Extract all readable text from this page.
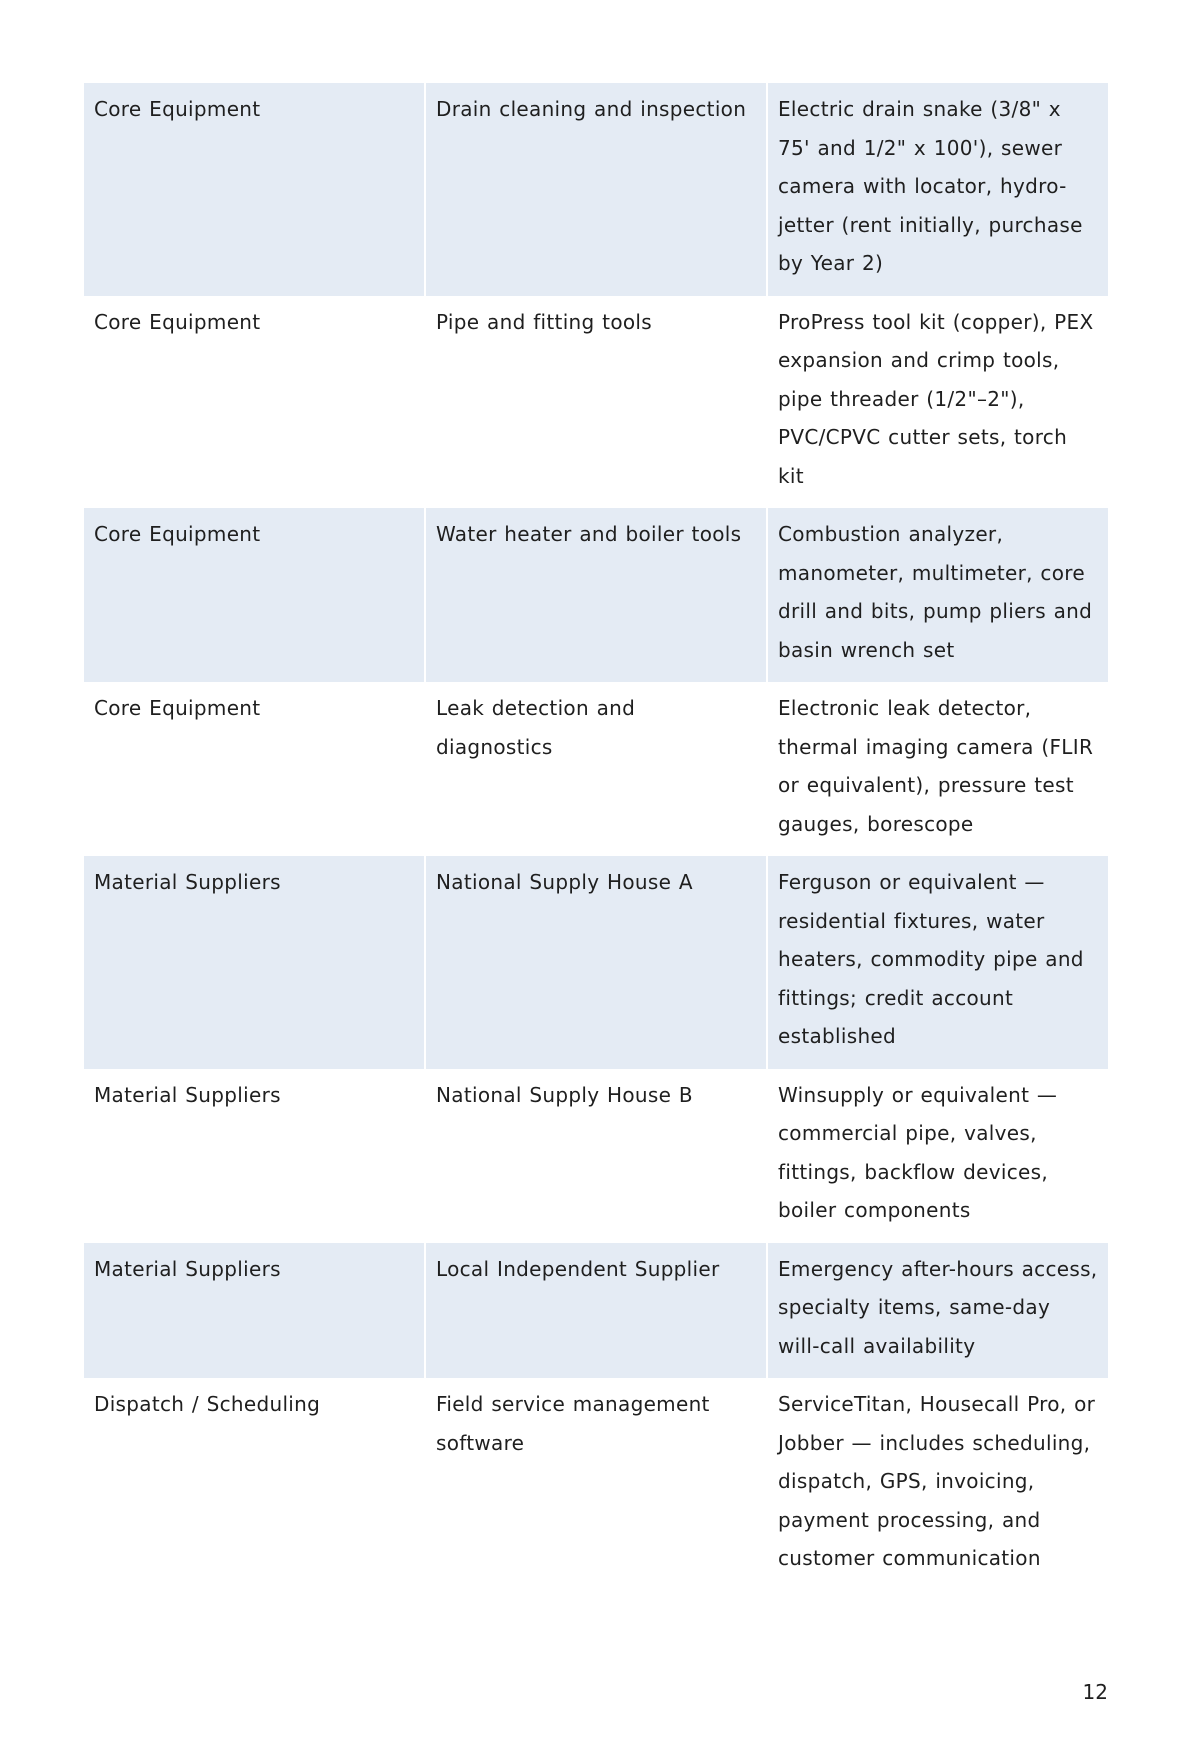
Core Equipment	Drain cleaning and inspection	Electric drain snake (3/8" x 75' and 1/2" x 100'), sewer camera with locator, hydro-jetter (rent initially, purchase by Year 2)

Core Equipment	Pipe and fitting tools	ProPress tool kit (copper), PEX expansion and crimp tools, pipe threader (1/2"–2"), PVC/CPVC cutter sets, torch kit

Core Equipment	Water heater and boiler tools	Combustion analyzer, manometer, multimeter, core drill and bits, pump pliers and basin wrench set

Core Equipment	Leak detection and diagnostics	Electronic leak detector, thermal imaging camera (FLIR or equivalent), pressure test gauges, borescope

Material Suppliers	National Supply House A	Ferguson or equivalent — residential fixtures, water heaters, commodity pipe and fittings; credit account established

Material Suppliers	National Supply House B	Winsupply or equivalent — commercial pipe, valves, fittings, backflow devices, boiler components

Material Suppliers	Local Independent Supplier	Emergency after-hours access, specialty items, same-day will-call availability

Dispatch / Scheduling	Field service management software	ServiceTitan, Housecall Pro, or Jobber — includes scheduling, dispatch, GPS, invoicing, payment processing, and customer communication
12
